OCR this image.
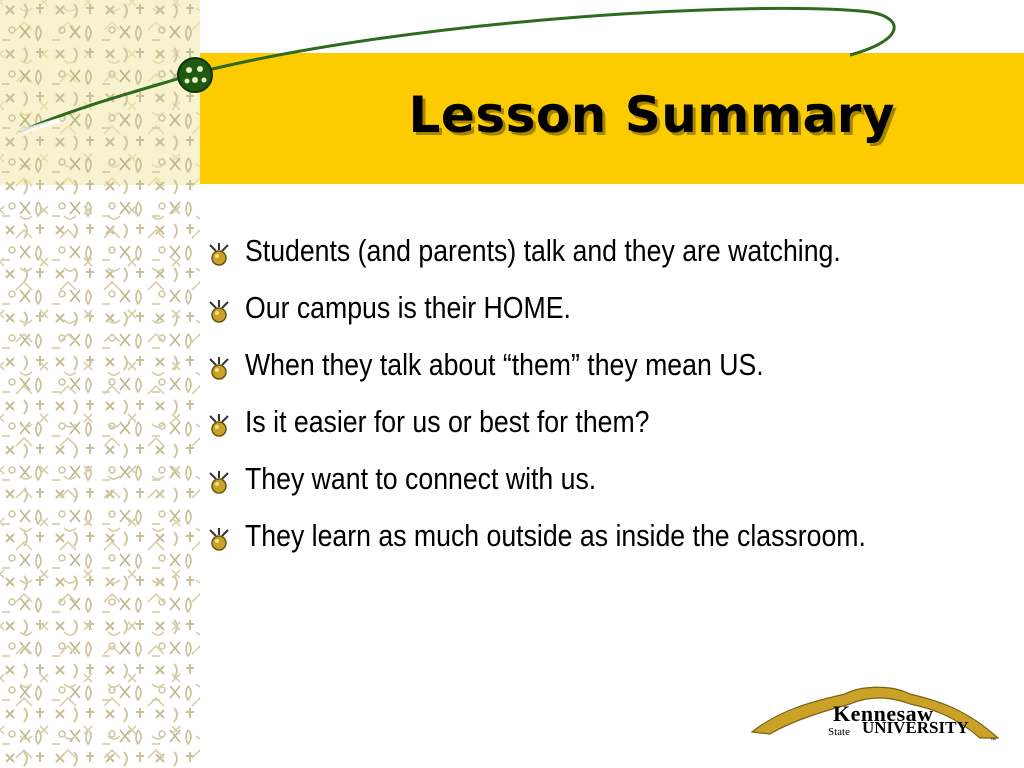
Lesson Summary
Students (and parents) talk and they are watching.
Our campus is their HOME.
When they talk about “them” they mean US.
Is it easier for us or best for them?
They want to connect with us.
They learn as much outside as inside the classroom.
Kennesaw
State UNIVERSITY
™
